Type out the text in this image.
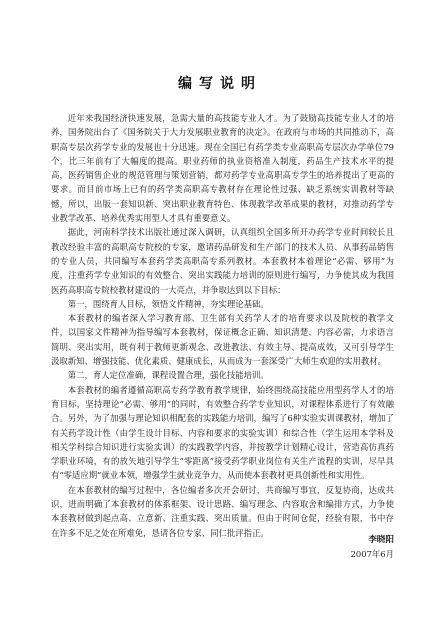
编写说明

近年来我国经济快速发展，急需大量的高技能专业人才。为了鼓励高技能专业人才的培养，国务院出台了《国务院关于大力发展职业教育的决定》。在政府与市场的共同推动下，高职高专层次药学专业的发展也十分迅速。现在全国已有药学类专业高职高专层次办学单位79个，比三年前有了大幅度的提高。职业药师的执业资格准入制度，药品生产技术水平的提高，医药销售企业的规范管理与策划营销，都对药学专业高职高专学生的培养提出了更高的要求。而目前市场上已有的药学类高职高专教材存在理论性过强、缺乏系统实训教材等缺憾，所以，出版一套知识新、突出职业教育特色、体现教学改革成果的教材，对推动药学专业教学改革、培养优秀实用型人才具有重要意义。

据此，河南科学技术出版社通过深入调研，认真组织全国多所开办药学专业时间较长且教改经验丰富的高职高专院校的专家，邀请药品研发和生产部门的技术人员、从事药品销售的专业人员，共同编写本套药学类高职高专系列教材。本套教材本着理论“必需、够用”为度，注重药学专业知识的有效整合、突出实践能力培训的原则进行编写，力争使其成为我国医药高职高专院校教材建设的一大亮点，并争取达到以下目标：

第一，围绕育人目标，领悟文件精神，夯实理论基础。

本套教材的编者深入学习教育部、卫生部有关药学人才的培育要求以及院校的教学文件，以国家文件精神为指导编写本套教材，保证概念正确、知识清楚、内容必需，力求语言简明、突出实用，既有利于教师更新观念、改进教法、有效主导、提高成效，又可引导学生汲取新知、增强技能、优化素质、健康成长，从而成为一套深受广大师生欢迎的实用教材。

第二，育人定位准确，课程设置合理，强化技能培训。

本套教材的编者遵循高职高专药学教育教学规律，始终围绕高技能应用型药学人才的培育目标，坚持理论“必需、够用”的同时，有效整合药学专业知识，对课程体系进行了有效融合。另外，为了加强与理论知识相配套的实践能力培训，编写了6种实验实训课教材，增加了有关药学设计性（由学生设计目标、内容和要求的实验实训）和综合性（学生运用本学科及相关学科综合知识进行实验实训）的实践教学内容，并按教学计划精心设计，营造高仿真药学职业环境，有的放矢地引导学生“零距离”接受药学职业岗位有关生产流程的实训，尽早具有“零适应期”就业本领，增强学生就业竞争力，从而使本套教材更具创新性和实用性。

在本套教材的编写过程中，各位编者多次开会研讨，共商编写事宜，反复协商，达成共识，进而明确了本套教材的体系框架、设计思路、编写理念、内容取舍和编排方式，力争使本套教材做到起点高、立意新、注重实践、突出质量。但由于时间仓促，经验有限，书中存在许多不足之处在所难免，恳请各位专家、同仁批评指正。

李晓阳
2007年6月
